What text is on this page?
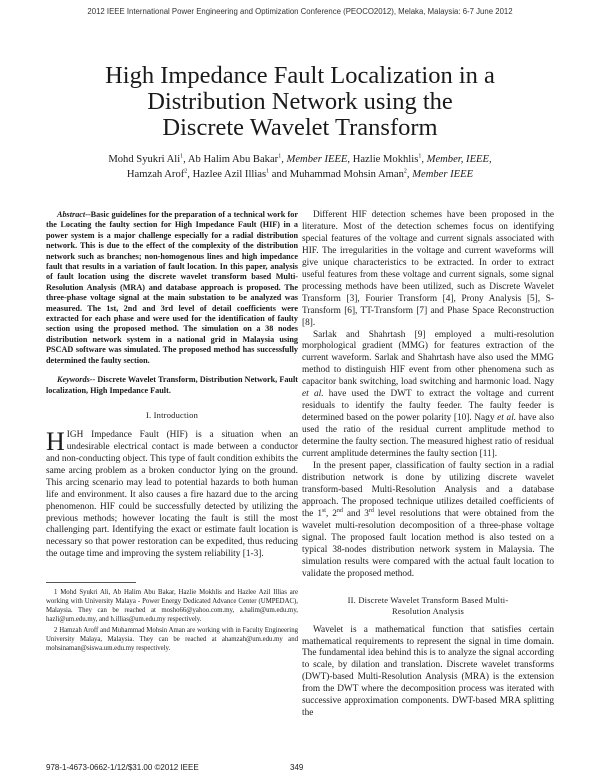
2012 IEEE International Power Engineering and Optimization Conference (PEOCO2012), Melaka, Malaysia: 6-7 June 2012
High Impedance Fault Localization in a
Distribution Network using the
Discrete Wavelet Transform
Mohd Syukri Ali$^1$, Ab Halim Abu Bakar$^1$, Member IEEE, Hazlie Mokhlis$^1$, Member, IEEE,
Hamzah Arof$^2$, Hazlee Azil Illias$^1$ and Muhammad Mohsin Aman$^2$, Member IEEE

Abstract--Basic guidelines for the preparation of a technical work for the Locating the faulty section for High Impedance Fault (HIF) in a power system is a major challenge especially for a radial distribution network. This is due to the effect of the complexity of the distribution network such as branches; non-homogenous lines and high impedance fault that results in a variation of fault location. In this paper, analysis of fault location using the discrete wavelet transform based Multi-Resolution Analysis (MRA) and database approach is proposed. The three-phase voltage signal at the main substation to be analyzed was measured. The 1st, 2nd and 3rd level of detail coefficients were extracted for each phase and were used for the identification of faulty section using the proposed method. The simulation on a 38 nodes distribution network system in a national grid in Malaysia using PSCAD software was simulated. The proposed method has successfully determined the faulty section.

Keywords-- Discrete Wavelet Transform, Distribution Network, Fault localization, High Impedance Fault.

I. Introduction

HIGH Impedance Fault (HIF) is a situation when an undesirable electrical contact is made between a conductor and non-conducting object. This type of fault condition exhibits the same arcing problem as a broken conductor lying on the ground. This arcing scenario may lead to potential hazards to both human life and environment. It also causes a fire hazard due to the arcing phenomenon. HIF could be successfully detected by utilizing the previous methods; however locating the fault is still the most challenging part. Identifying the exact or estimate fault location is necessary so that power restoration can be expedited, thus reducing the outage time and improving the system reliability [1-3].

1 Mohd Syukri Ali, Ab Halim Abu Bakar, Hazlie Mokhlis and Hazlee Azil Illias are working with University Malaya - Power Energy Dedicated Advance Center (UMPEDAC), Malaysia. They can be reached at mosho66@yahoo.com.my, a.halim@um.edu.my, hazli@um.edu.my, and h.illias@um.edu.my respectively.

2 Hamzah Aroff and Muhammad Mohsin Aman are working with in Faculty Engineering University Malaya, Malaysia. They can be reached at ahamzah@um.edu.my and mohsinaman@siswa.um.edu.my respectively.

Different HIF detection schemes have been proposed in the literature. Most of the detection schemes focus on identifying special features of the voltage and current signals associated with HIF. The irregularities in the voltage and current waveforms will give unique characteristics to be extracted. In order to extract useful features from these voltage and current signals, some signal processing methods have been utilized, such as Discrete Wavelet Transform [3], Fourier Transform [4], Prony Analysis [5], S-Transform [6], TT-Transform [7] and Phase Space Reconstruction [8].

Sarlak and Shahrtash [9] employed a multi-resolution morphological gradient (MMG) for features extraction of the current waveform. Sarlak and Shahrtash have also used the MMG method to distinguish HIF event from other phenomena such as capacitor bank switching, load switching and harmonic load. Nagy et al. have used the DWT to extract the voltage and current residuals to identify the faulty feeder. The faulty feeder is determined based on the power polarity [10]. Nagy et al. have also used the ratio of the residual current amplitude method to determine the faulty section. The measured highest ratio of residual current amplitude determines the faulty section [11].

In the present paper, classification of faulty section in a radial distribution network is done by utilizing discrete wavelet transform-based Multi-Resolution Analysis and a database approach. The proposed technique utilizes detailed coefficients of the 1st, 2nd and 3rd level resolutions that were obtained from the wavelet multi-resolution decomposition of a three-phase voltage signal. The proposed fault location method is also tested on a typical 38-nodes distribution network system in Malaysia. The simulation results were compared with the actual fault location to validate the proposed method.

II. Discrete Wavelet Transform Based Multi-
Resolution Analysis

Wavelet is a mathematical function that satisfies certain mathematical requirements to represent the signal in time domain. The fundamental idea behind this is to analyze the signal according to scale, by dilation and translation. Discrete wavelet transforms (DWT)-based Multi-Resolution Analysis (MRA) is the extension from the DWT where the decomposition process was iterated with successive approximation components. DWT-based MRA splitting the

978-1-4673-0662-1/12/$31.00 ©2012 IEEE	349
